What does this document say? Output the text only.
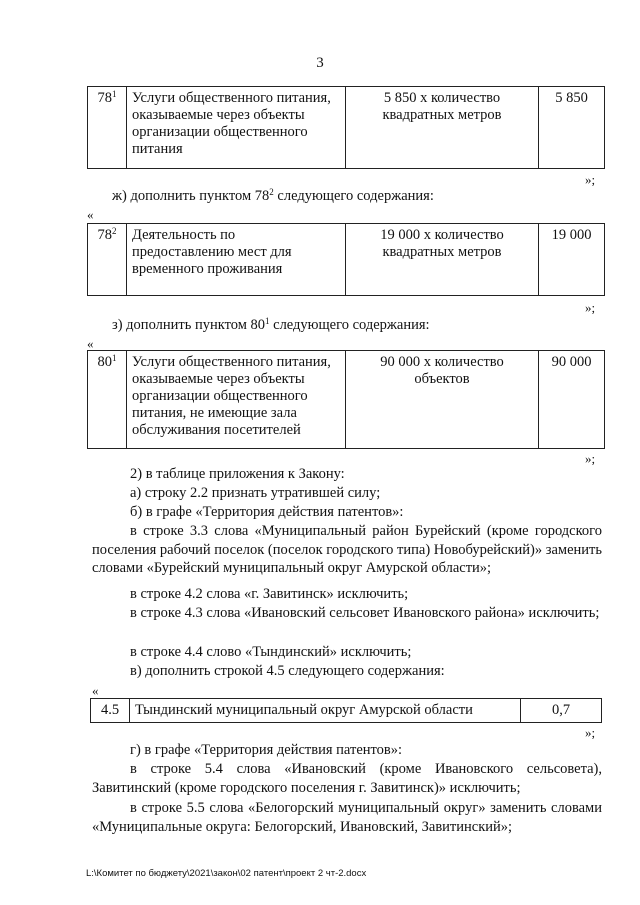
3
$78^1$	Услуги общественного питания, оказываемые через объекты организации общественного питания	5 850 х количество квадратных метров	5 850
»;
ж) дополнить пунктом $78^2$ следующего содержания:
«
$78^2$	Деятельность по предоставлению мест для временного проживания	19 000 х количество квадратных метров	19 000
»;
з) дополнить пунктом $80^1$ следующего содержания:
«
$80^1$	Услуги общественного питания, оказываемые через объекты организации общественного питания, не имеющие зала обслуживания посетителей	90 000 х количество объектов	90 000
»;
2) в таблице приложения к Закону:
а) строку 2.2 признать утратившей силу;
б) в графе «Территория действия патентов»:
в строке 3.3 слова «Муниципальный район Бурейский (кроме городского поселения рабочий поселок (поселок городского типа) Новобурейский)» заменить словами «Бурейский муниципальный округ Амурской области»;
в строке 4.2 слова «г. Завитинск» исключить;
в строке 4.3 слова «Ивановский сельсовет Ивановского района» исключить;
в строке 4.4 слово «Тындинский» исключить;
в) дополнить строкой 4.5 следующего содержания:
«
4.5	Тындинский муниципальный округ Амурской области	0,7
»;
г) в графе «Территория действия патентов»:
в строке 5.4 слова «Ивановский (кроме Ивановского сельсовета), Завитинский (кроме городского поселения г. Завитинск)» исключить;
в строке 5.5 слова «Белогорский муниципальный округ» заменить словами «Муниципальные округа: Белогорский, Ивановский, Завитинский»;
L:\Комитет по бюджету\2021\закон\02 патент\проект 2 чт-2.docx
